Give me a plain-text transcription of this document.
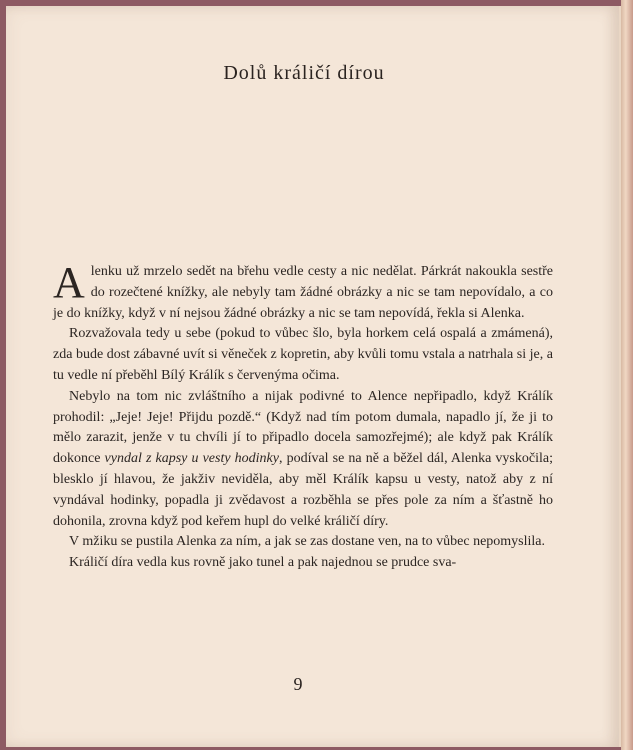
Dolů králičí dírou

Alenku už mrzelo sedět na břehu vedle cesty a nic nedělat. Párkrát nakoukla sestře do rozečtené knížky, ale nebyly tam žádné obrázky a nic se tam nepovídalo, a co je do knížky, když v ní nejsou žádné obrázky a nic se tam nepovídá, řekla si Alenka.

Rozvažovala tedy u sebe (pokud to vůbec šlo, byla horkem celá ospalá a zmámená), zda bude dost zábavné uvít si věneček z kopretin, aby kvůli tomu vstala a natrhala si je, a tu vedle ní přeběhl Bílý Králík s červenýma očima.

Nebylo na tom nic zvláštního a nijak podivné to Alence nepřipadlo, když Králík prohodil: „Jeje! Jeje! Přijdu pozdě.“ (Když nad tím potom dumala, napadlo jí, že ji to mělo zarazit, jenže v tu chvíli jí to připadlo docela samozřejmé); ale když pak Králík dokonce vyndal z kapsy u vesty hodinky, podíval se na ně a běžel dál, Alenka vyskočila; blesklo jí hlavou, že jakživ neviděla, aby měl Králík kapsu u vesty, natož aby z ní vyndával hodinky, popadla ji zvědavost a rozběhla se přes pole za ním a šťastně ho dohonila, zrovna když pod keřem hupl do velké králičí díry.

V mžiku se pustila Alenka za ním, a jak se zas dostane ven, na to vůbec nepomyslila.

Králičí díra vedla kus rovně jako tunel a pak najednou se prudce sva-

9
